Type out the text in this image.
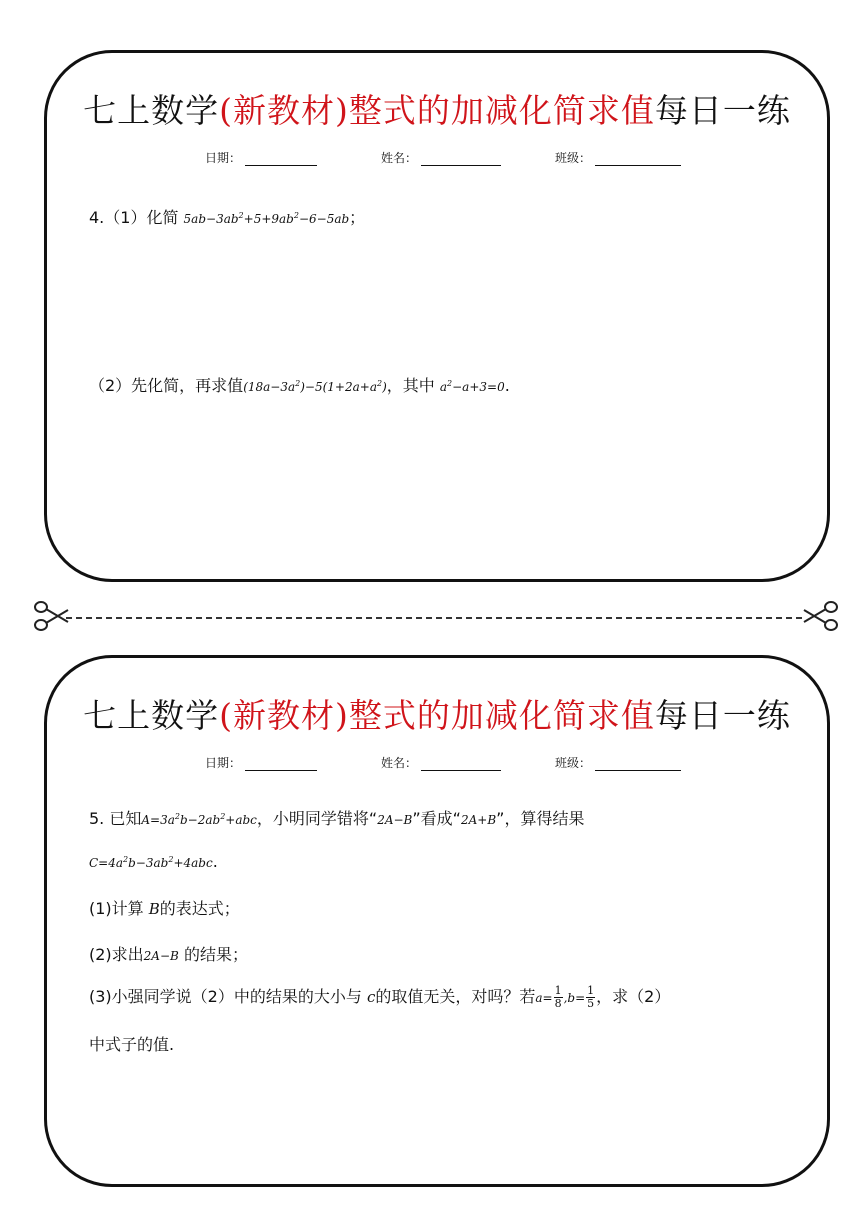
七上数学(新教材)整式的加减化简求值每日一练
日期：	姓名：	班级：
4.（1）化简 $5ab-3ab^2+5+9ab^2-6-5ab$；
（2）先化简，再求值$(18a-3a^2)-5(1+2a+a^2)$，其中 $a^2-a+3=0$.
七上数学(新教材)整式的加减化简求值每日一练
日期：	姓名：	班级：
5. 已知$A=3a^2b-2ab^2+abc$，小明同学错将“2A−B”看成“2A+B”，算得结果
$C=4a^2b-3ab^2+4abc$.
(1)计算 B的表达式；
(2)求出2A−B 的结果；
(3)小强同学说（2）中的结果的大小与 c的取值无关，对吗？若$a= \frac{1}{8} ,b= \frac{1}{5}$ ，求（2）
中式子的值.
